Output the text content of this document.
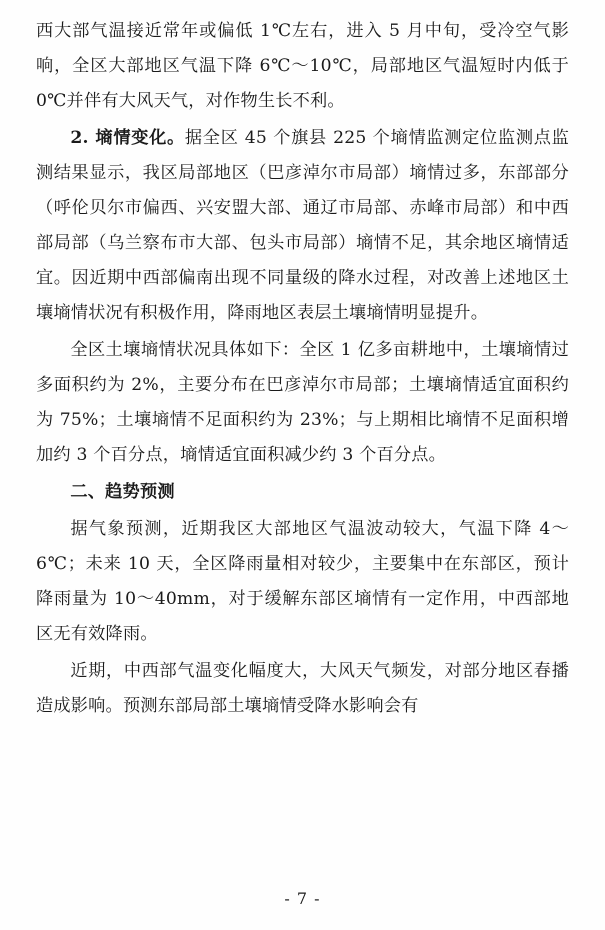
西大部气温接近常年或偏低 1℃左右，进入 5 月中旬，受冷空气影响，全区大部地区气温下降 6℃～10℃，局部地区气温短时内低于 0℃并伴有大风天气，对作物生长不利。

2. 墒情变化。据全区 45 个旗县 225 个墒情监测定位监测点监测结果显示，我区局部地区（巴彦淖尔市局部）墒情过多，东部部分（呼伦贝尔市偏西、兴安盟大部、通辽市局部、赤峰市局部）和中西部局部（乌兰察布市大部、包头市局部）墒情不足，其余地区墒情适宜。因近期中西部偏南出现不同量级的降水过程，对改善上述地区土壤墒情状况有积极作用，降雨地区表层土壤墒情明显提升。

全区土壤墒情状况具体如下：全区 1 亿多亩耕地中，土壤墒情过多面积约为 2%，主要分布在巴彦淖尔市局部；土壤墒情适宜面积约为 75%；土壤墒情不足面积约为 23%；与上期相比墒情不足面积增加约 3 个百分点，墒情适宜面积减少约 3 个百分点。

二、趋势预测

据气象预测，近期我区大部地区气温波动较大，气温下降 4～6℃；未来 10 天，全区降雨量相对较少，主要集中在东部区，预计降雨量为 10～40mm，对于缓解东部区墒情有一定作用，中西部地区无有效降雨。

近期，中西部气温变化幅度大，大风天气频发，对部分地区春播造成影响。预测东部局部土壤墒情受降水影响会有

- 7 -
